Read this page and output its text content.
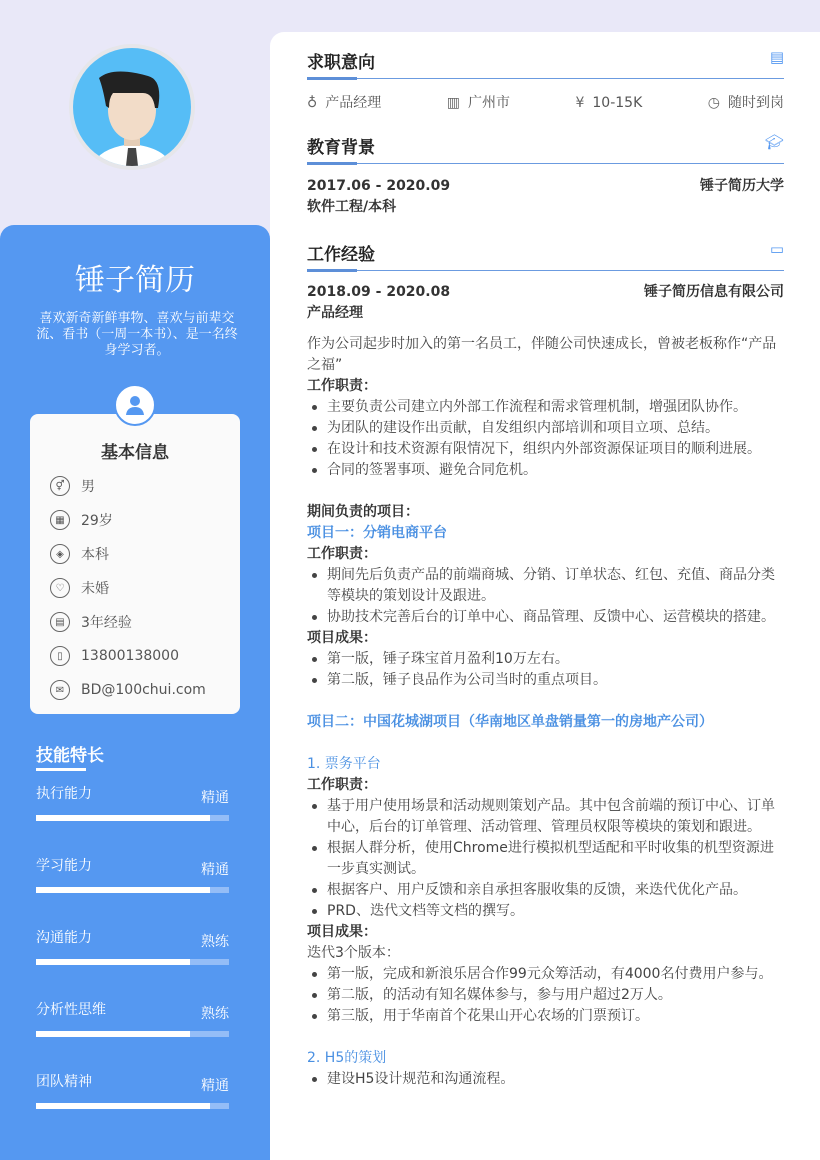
锤子简历
喜欢新奇新鲜事物、喜欢与前辈交流、看书（一周一本书）、是一名终身学习者。
基本信息
⚥	男
▦	29岁
◈	本科
♡	未婚
▤	3年经验
▯	13800138000
✉	BD@100chui.com
技能特长
执行能力	精通
学习能力	精通
沟通能力	熟练
分析性思维	熟练
团队精神	精通
求职意向	▤
♁ 产品经理	▥ 广州市	¥ 10-15K	◷ 随时到岗
教育背景	🎓︎
2017.06 - 2020.09	锤子简历大学
软件工程/本科
工作经验	▭
2018.09 - 2020.08	锤子简历信息有限公司
产品经理
作为公司起步时加入的第一名员工，伴随公司快速成长，曾被老板称作“产品之福”
工作职责：
主要负责公司建立内外部工作流程和需求管理机制，增强团队协作。
为团队的建设作出贡献，自发组织内部培训和项目立项、总结。
在设计和技术资源有限情况下，组织内外部资源保证项目的顺利进展。
合同的签署事项、避免合同危机。
期间负责的项目：
项目一：分销电商平台
工作职责：
期间先后负责产品的前端商城、分销、订单状态、红包、充值、商品分类等模块的策划设计及跟进。
协助技术完善后台的订单中心、商品管理、反馈中心、运营模块的搭建。
项目成果：
第一版，锤子珠宝首月盈利10万左右。
第二版，锤子良品作为公司当时的重点项目。
项目二：中国花城湖项目（华南地区单盘销量第一的房地产公司）
1. 票务平台
工作职责：
基于用户使用场景和活动规则策划产品。其中包含前端的预订中心、订单中心，后台的订单管理、活动管理、管理员权限等模块的策划和跟进。
根据人群分析，使用Chrome进行模拟机型适配和平时收集的机型资源进一步真实测试。
根据客户、用户反馈和亲自承担客服收集的反馈，来迭代优化产品。
PRD、迭代文档等文档的撰写。
项目成果：
迭代3个版本：
第一版，完成和新浪乐居合作99元众筹活动，有4000名付费用户参与。
第二版，的活动有知名媒体参与，参与用户超过2万人。
第三版，用于华南首个花果山开心农场的门票预订。
2. H5的策划
建设H5设计规范和沟通流程。
